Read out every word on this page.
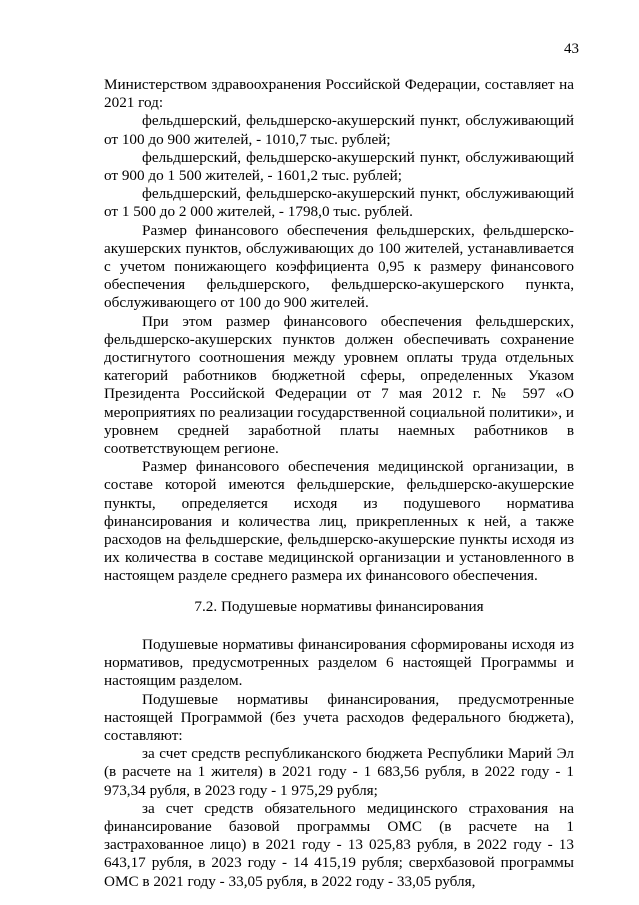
43

Министерством здравоохранения Российской Федерации, составляет на 2021 год:

фельдшерский, фельдшерско-акушерский пункт, обслуживающий от 100 до 900 жителей, - 1010,7 тыс. рублей;

фельдшерский, фельдшерско-акушерский пункт, обслуживающий от 900 до 1 500 жителей, - 1601,2 тыс. рублей;

фельдшерский, фельдшерско-акушерский пункт, обслуживающий от 1 500 до 2 000 жителей, - 1798,0 тыс. рублей.

Размер финансового обеспечения фельдшерских, фельдшерско-акушерских пунктов, обслуживающих до 100 жителей, устанавливается с учетом понижающего коэффициента 0,95 к размеру финансового обеспечения фельдшерского, фельдшерско-акушерского пункта, обслуживающего от 100 до 900 жителей.

При этом размер финансового обеспечения фельдшерских, фельдшерско-акушерских пунктов должен обеспечивать сохранение достигнутого соотношения между уровнем оплаты труда отдельных категорий работников бюджетной сферы, определенных Указом Президента Российской Федерации от 7 мая 2012 г. № 597 «О мероприятиях по реализации государственной социальной политики», и уровнем средней заработной платы наемных работников в соответствующем регионе.

Размер финансового обеспечения медицинской организации, в составе которой имеются фельдшерские, фельдшерско-акушерские пункты, определяется исходя из подушевого норматива финансирования и количества лиц, прикрепленных к ней, а также расходов на фельдшерские, фельдшерско-акушерские пункты исходя из их количества в составе медицинской организации и установленного в настоящем разделе среднего размера их финансового обеспечения.

7.2. Подушевые нормативы финансирования

Подушевые нормативы финансирования сформированы исходя из нормативов, предусмотренных разделом 6 настоящей Программы и настоящим разделом.

Подушевые нормативы финансирования, предусмотренные настоящей Программой (без учета расходов федерального бюджета), составляют:

за счет средств республиканского бюджета Республики Марий Эл (в расчете на 1 жителя) в 2021 году - 1 683,56 рубля, в 2022 году - 1 973,34 рубля, в 2023 году - 1 975,29 рубля;

за счет средств обязательного медицинского страхования на финансирование базовой программы ОМС (в расчете на 1 застрахованное лицо) в 2021 году - 13 025,83 рубля, в 2022 году - 13 643,17 рубля, в 2023 году - 14 415,19 рубля; сверхбазовой программы ОМС в 2021 году - 33,05 рубля, в 2022 году - 33,05 рубля,
